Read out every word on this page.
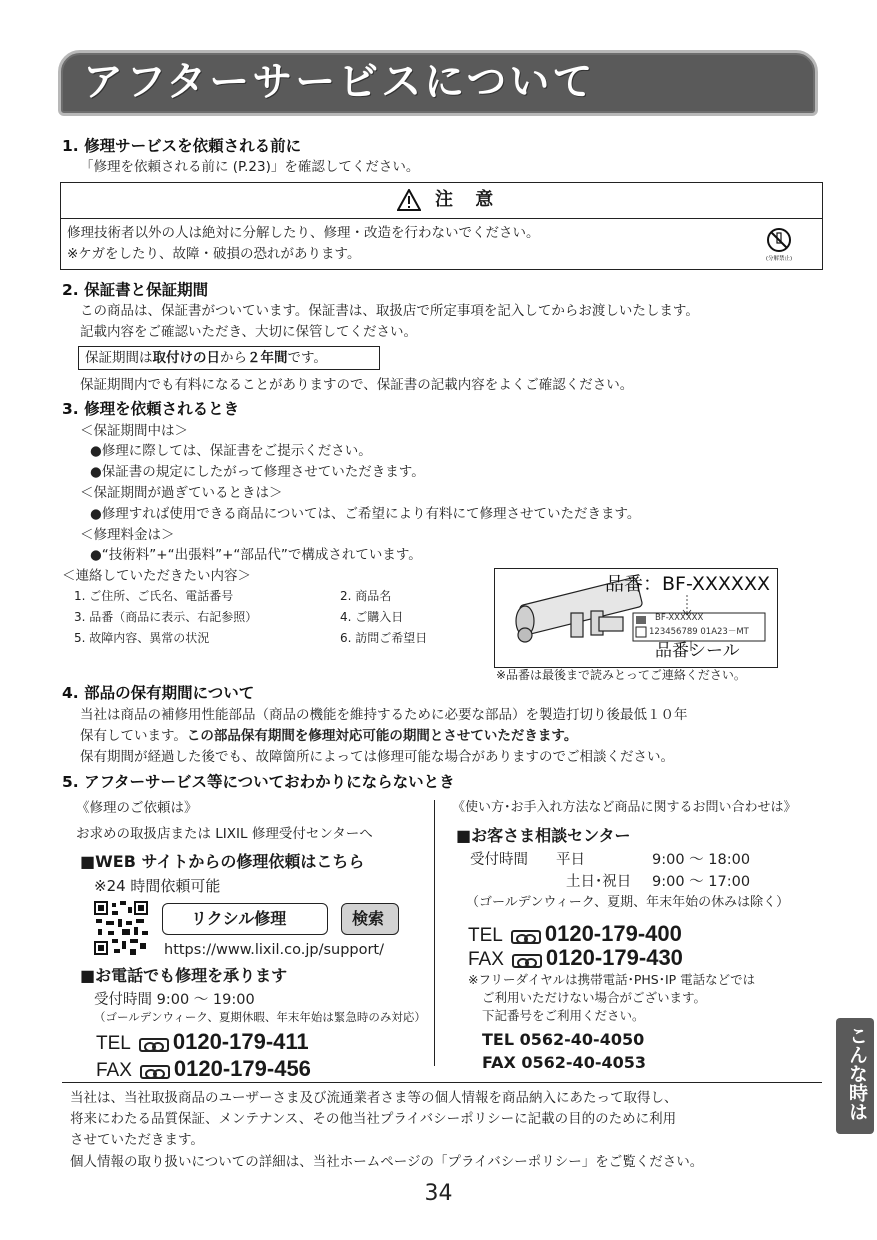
アフターサービスについて
1. 修理サービスを依頼される前に
「修理を依頼される前に (P.23)」を確認してください。
注 意
修理技術者以外の人は絶対に分解したり、修理・改造を行わないでください。
※ケガをしたり、故障・破損の恐れがあります。	(分解禁止)
2. 保証書と保証期間
この商品は、保証書がついています。保証書は、取扱店で所定事項を記入してからお渡しいたします。
記載内容をご確認いただき、大切に保管してください。
保証期間は取付けの日から２年間です。
保証期間内でも有料になることがありますので、保証書の記載内容をよくご確認ください。
3. 修理を依頼されるとき
＜保証期間中は＞
●修理に際しては、保証書をご提示ください。
●保証書の規定にしたがって修理させていただきます。
＜保証期間が過ぎているときは＞
●修理すれば使用できる商品については、ご希望により有料にて修理させていただきます。
＜修理料金は＞
●“技術料”+“出張料”+“部品代”で構成されています。
＜連絡していただきたい内容＞
1. ご住所、ご氏名、電話番号	2. 商品名
3. 品番（商品に表示、右記参照）	4. ご購入日
5. 故障内容、異常の状況	6. 訪問ご希望日
品番：BF-XXXXXX
BF-XXXXXX
123456789 01A23－MT
品番シール
※品番は最後まで読みとってご連絡ください。
4. 部品の保有期間について
当社は商品の補修用性能部品（商品の機能を維持するために必要な部品）を製造打切り後最低１０年
保有しています。この部品保有期間を修理対応可能の期間とさせていただきます。
保有期間が経過した後でも、故障箇所によっては修理可能な場合がありますのでご相談ください。
5. アフターサービス等についておわかりにならないとき
《修理のご依頼は》
お求めの取扱店または LIXIL 修理受付センターへ
■WEB サイトからの修理依頼はこちら
※24 時間依頼可能
リクシル修理	検索
https://www.lixil.co.jp/support/
■お電話でも修理を承ります
受付時間 9:00 ～ 19:00
（ゴールデンウィーク、夏期休暇、年末年始は緊急時のみ対応）
TEL 0120-179-411
FAX 0120-179-456
《使い方･お手入れ方法など商品に関するお問い合わせは》
■お客さま相談センター
受付時間 平日	9:00 ～ 18:00
土日･祝日 9:00 ～ 17:00
（ゴールデンウィーク、夏期、年末年始の休みは除く）
TEL 0120-179-400
FAX 0120-179-430
※フリーダイヤルは携帯電話･PHS･IP 電話などでは
ご利用いただけない場合がございます。
下記番号をご利用ください。
TEL 0562-40-4050
FAX 0562-40-4053
当社は、当社取扱商品のユーザーさま及び流通業者さま等の個人情報を商品納入にあたって取得し、
将来にわたる品質保証、メンテナンス、その他当社プライバシーポリシーに記載の目的のために利用
させていただきます。
個人情報の取り扱いについての詳細は、当社ホームページの「プライバシーポリシー」をご覧ください。
こんな時は
34
